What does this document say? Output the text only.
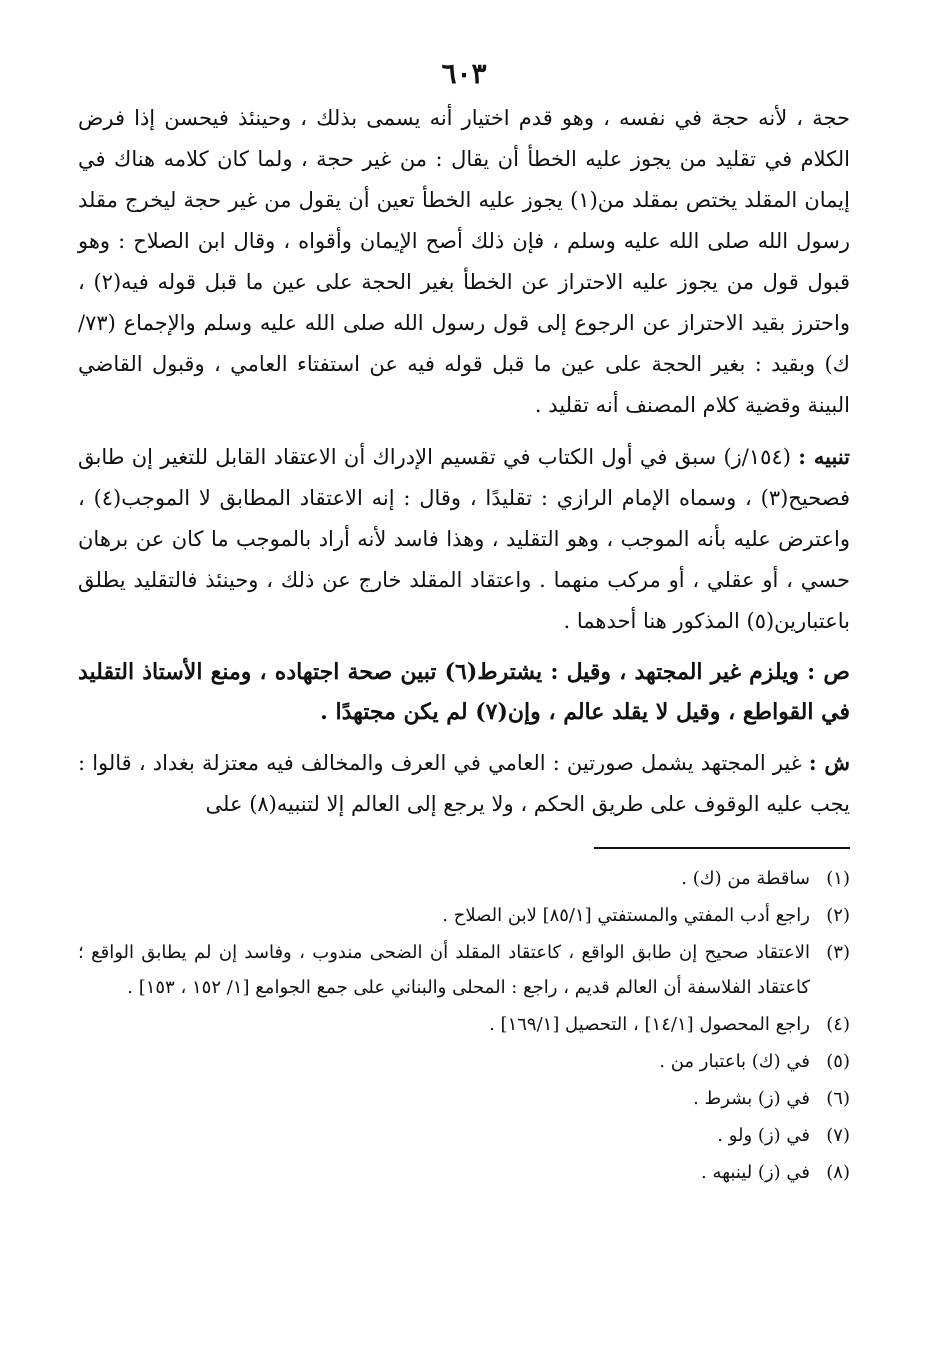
٦٠٣

حجة ، لأنه حجة في نفسه ، وهو قدم اختيار أنه يسمى بذلك ، وحينئذ فيحسن إذا فرض الكلام في تقليد من يجوز عليه الخطأ أن يقال : من غير حجة ، ولما كان كلامه هناك في إيمان المقلد يختص بمقلد من(١) يجوز عليه الخطأ تعين أن يقول من غير حجة ليخرج مقلد رسول الله صلى الله عليه وسلم ، فإن ذلك أصح الإيمان وأقواه ، وقال ابن الصلاح : وهو قبول قول من يجوز عليه الاحتراز عن الخطأ بغير الحجة على عين ما قبل قوله فيه(٢) ، واحترز بقيد الاحتراز عن الرجوع إلى قول رسول الله صلى الله عليه وسلم والإجماع (٧٣/ك) وبقيد : بغير الحجة على عين ما قبل قوله فيه عن استفتاء العامي ، وقبول القاضي البينة وقضية كلام المصنف أنه تقليد .

تنبيه : (١٥٤/ز) سبق في أول الكتاب في تقسيم الإدراك أن الاعتقاد القابل للتغير إن طابق فصحيح(٣) ، وسماه الإمام الرازي : تقليدًا ، وقال : إنه الاعتقاد المطابق لا الموجب(٤) ، واعترض عليه بأنه الموجب ، وهو التقليد ، وهذا فاسد لأنه أراد بالموجب ما كان عن برهان حسي ، أو عقلي ، أو مركب منهما . واعتقاد المقلد خارج عن ذلك ، وحينئذ فالتقليد يطلق باعتبارين(٥) المذكور هنا أحدهما .

ص : ويلزم غير المجتهد ، وقيل : يشترط(٦) تبين صحة اجتهاده ، ومنع الأستاذ التقليد في القواطع ، وقيل لا يقلد عالم ، وإن(٧) لم يكن مجتهدًا .

ش : غير المجتهد يشمل صورتين : العامي في العرف والمخالف فيه معتزلة بغداد ، قالوا : يجب عليه الوقوف على طريق الحكم ، ولا يرجع إلى العالم إلا لتنبيه(٨) على

(١)ساقطة من (ك) .

(٢)راجع أدب المفتي والمستفتي [٨٥/١] لابن الصلاح .

(٣)الاعتقاد صحيح إن طابق الواقع ، كاعتقاد المقلد أن الضحى مندوب ، وفاسد إن لم يطابق الواقع ؛ كاعتقاد الفلاسفة أن العالم قديم ، راجع : المحلى والبناني على جمع الجوامع [١/ ١٥٢ ، ١٥٣] .

(٤)راجع المحصول [١٤/١] ، التحصيل [١٦٩/١] .

(٥)في (ك) باعتبار من .

(٦)في (ز) بشرط .

(٧)في (ز) ولو .

(٨)في (ز) لينبهه .
